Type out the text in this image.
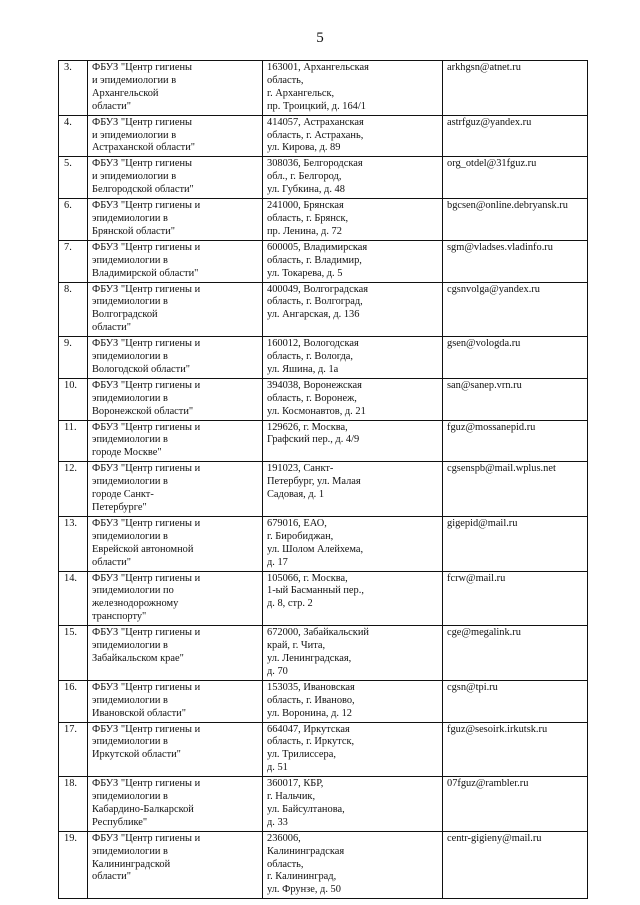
5
3.	ФБУЗ "Центр гигиены
и эпидемиологии в
Архангельской
области"	163001, Архангельская
область,
г. Архангельск,
пр. Троицкий, д. 164/1	arkhgsn@atnet.ru
4.	ФБУЗ "Центр гигиены
и эпидемиологии в
Астраханской области"	414057, Астраханская
область, г. Астрахань,
ул. Кирова, д. 89	astrfguz@yandex.ru
5.	ФБУЗ "Центр гигиены
и эпидемиологии в
Белгородской области"	308036, Белгородская
обл., г. Белгород,
ул. Губкина, д. 48	org_otdel@31fguz.ru
6.	ФБУЗ "Центр гигиены и
эпидемиологии в
Брянской области"	241000, Брянская
область, г. Брянск,
пр. Ленина, д. 72	bgcsen@online.debryansk.ru
7.	ФБУЗ "Центр гигиены и
эпидемиологии в
Владимирской области"	600005, Владимирская
область, г. Владимир,
ул. Токарева, д. 5	sgm@vladses.vladinfo.ru
8.	ФБУЗ "Центр гигиены и
эпидемиологии в
Волгоградской
области"	400049, Волгоградская
область, г. Волгоград,
ул. Ангарская, д. 136	cgsnvolga@yandex.ru
9.	ФБУЗ "Центр гигиены и
эпидемиологии в
Вологодской области"	160012, Вологодская
область, г. Вологда,
ул. Яшина, д. 1а	gsen@vologda.ru
10.	ФБУЗ "Центр гигиены и
эпидемиологии в
Воронежской области"	394038, Воронежская
область, г. Воронеж,
ул. Космонавтов, д. 21	san@sanep.vrn.ru
11.	ФБУЗ "Центр гигиены и
эпидемиологии в
городе Москве"	129626, г. Москва,
Графский пер., д. 4/9	fguz@mossanepid.ru
12.	ФБУЗ "Центр гигиены и
эпидемиологии в
городе Санкт-
Петербурге"	191023, Санкт-
Петербург, ул. Малая
Садовая, д. 1	cgsenspb@mail.wplus.net
13.	ФБУЗ "Центр гигиены и
эпидемиологии в
Еврейской автономной
области"	679016, ЕАО,
г. Биробиджан,
ул. Шолом Алейхема,
д. 17	gigepid@mail.ru
14.	ФБУЗ "Центр гигиены и
эпидемиологии по
железнодорожному
транспорту"	105066, г. Москва,
1-ый Басманный пер.,
д. 8, стр. 2	fcrw@mail.ru
15.	ФБУЗ "Центр гигиены и
эпидемиологии в
Забайкальском крае"	672000, Забайкальский
край, г. Чита,
ул. Ленинградская,
д. 70	cge@megalink.ru
16.	ФБУЗ "Центр гигиены и
эпидемиологии в
Ивановской области"	153035, Ивановская
область, г. Иваново,
ул. Воронина, д. 12	cgsn@tpi.ru
17.	ФБУЗ "Центр гигиены и
эпидемиологии в
Иркутской области"	664047, Иркутская
область, г. Иркутск,
ул. Трилиссера,
д. 51	fguz@sesoirk.irkutsk.ru
18.	ФБУЗ "Центр гигиены и
эпидемиологии в
Кабардино-Балкарской
Республике"	360017, КБР,
г. Нальчик,
ул. Байсултанова,
д. 33	07fguz@rambler.ru
19.	ФБУЗ "Центр гигиены и
эпидемиологии в
Калининградской
области"	236006,
Калининградская
область,
г. Калининград,
ул. Фрунзе, д. 50	centr-gigieny@mail.ru
